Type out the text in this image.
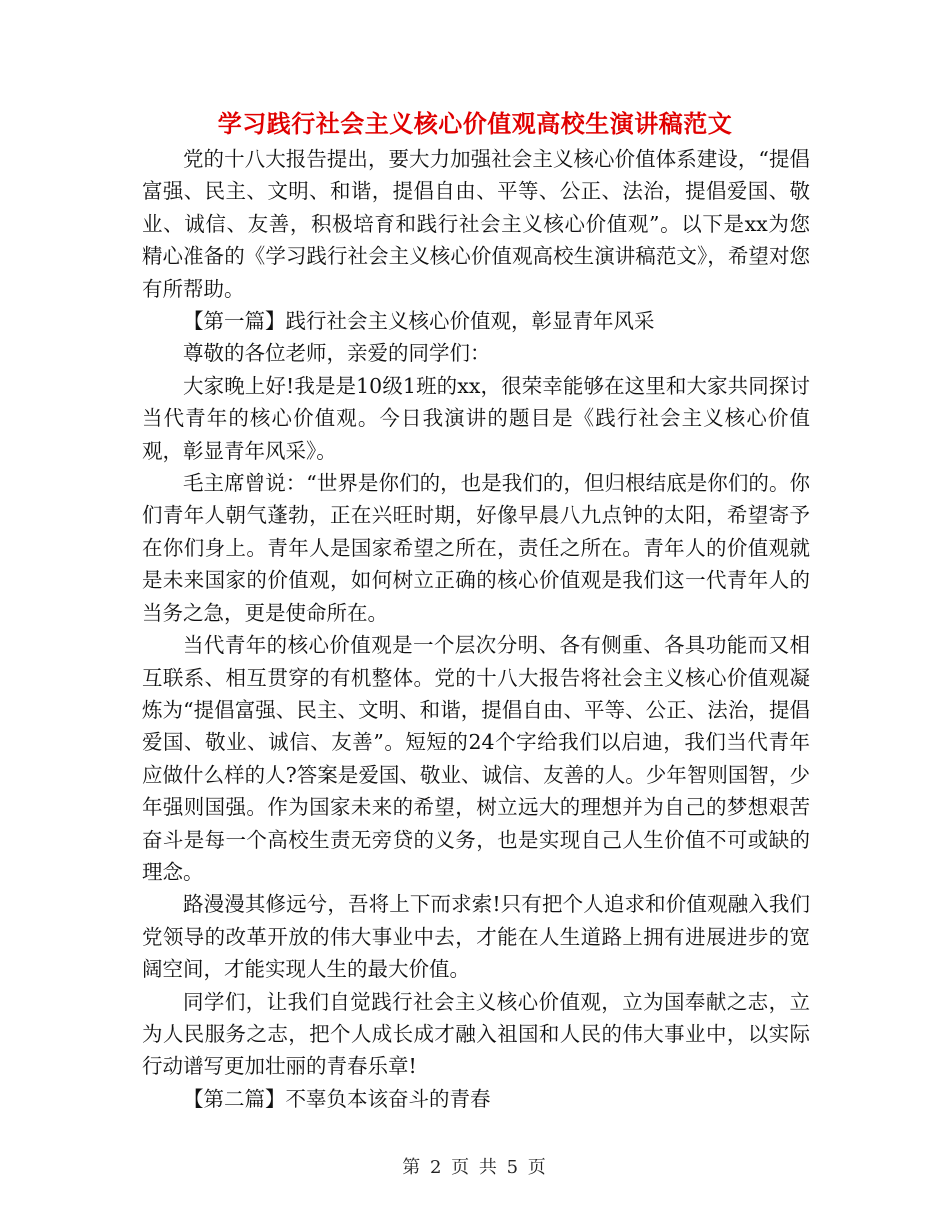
学习践行社会主义核心价值观高校生演讲稿范文

党的十八大报告提出，要大力加强社会主义核心价值体系建设，“提倡富强、民主、文明、和谐，提倡自由、平等、公正、法治，提倡爱国、敬业、诚信、友善，积极培育和践行社会主义核心价值观”。以下是xx为您精心准备的《学习践行社会主义核心价值观高校生演讲稿范文》，希望对您有所帮助。

【第一篇】践行社会主义核心价值观，彰显青年风采

尊敬的各位老师，亲爱的同学们：

大家晚上好!我是是10级1班的xx，很荣幸能够在这里和大家共同探讨当代青年的核心价值观。今日我演讲的题目是《践行社会主义核心价值观，彰显青年风采》。

毛主席曾说：“世界是你们的，也是我们的，但归根结底是你们的。你们青年人朝气蓬勃，正在兴旺时期，好像早晨八九点钟的太阳，希望寄予在你们身上。青年人是国家希望之所在，责任之所在。青年人的价值观就是未来国家的价值观，如何树立正确的核心价值观是我们这一代青年人的当务之急，更是使命所在。

当代青年的核心价值观是一个层次分明、各有侧重、各具功能而又相互联系、相互贯穿的有机整体。党的十八大报告将社会主义核心价值观凝炼为“提倡富强、民主、文明、和谐，提倡自由、平等、公正、法治，提倡爱国、敬业、诚信、友善”。短短的24个字给我们以启迪，我们当代青年应做什么样的人?答案是爱国、敬业、诚信、友善的人。少年智则国智，少年强则国强。作为国家未来的希望，树立远大的理想并为自己的梦想艰苦奋斗是每一个高校生责无旁贷的义务，也是实现自己人生价值不可或缺的理念。

路漫漫其修远兮，吾将上下而求索!只有把个人追求和价值观融入我们党领导的改革开放的伟大事业中去，才能在人生道路上拥有进展进步的宽阔空间，才能实现人生的最大价值。

同学们，让我们自觉践行社会主义核心价值观，立为国奉献之志，立为人民服务之志，把个人成长成才融入祖国和人民的伟大事业中，以实际行动谱写更加壮丽的青春乐章!

【第二篇】不辜负本该奋斗的青春

第 2 页 共 5 页
